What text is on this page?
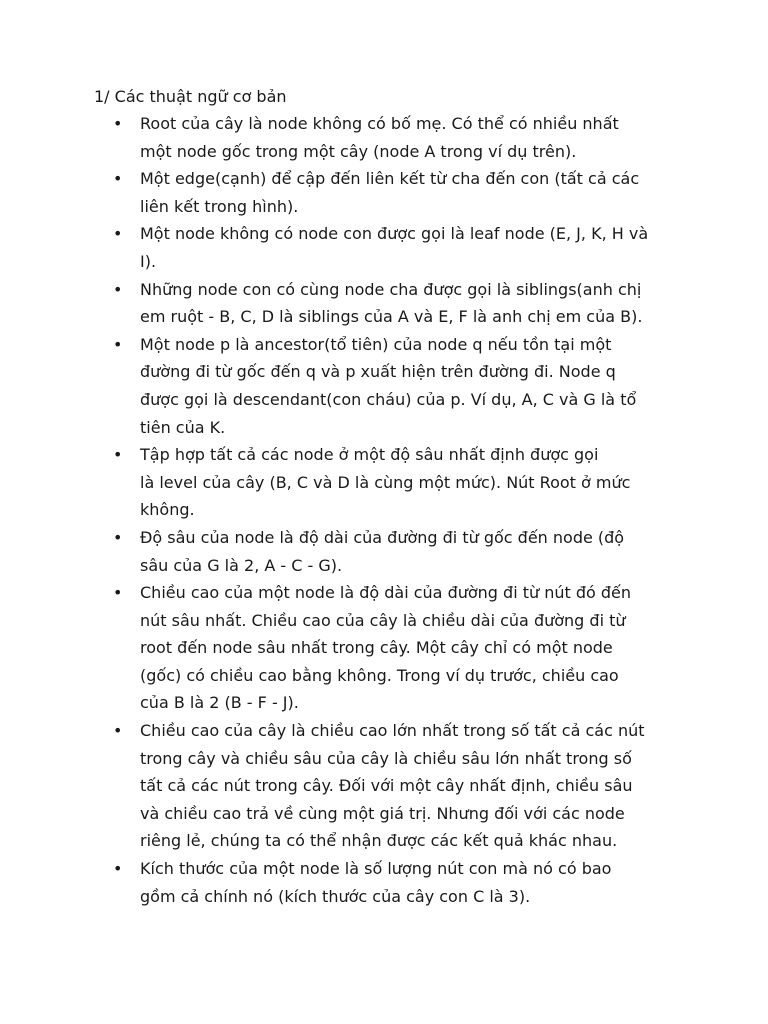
1/ Các thuật ngữ cơ bản
• Root của cây là node không có bố mẹ. Có thể có nhiều nhất
một node gốc trong một cây (node A trong ví dụ trên).
• Một edge(cạnh) để cập đến liên kết từ cha đến con (tất cả các
liên kết trong hình).
• Một node không có node con được gọi là leaf node (E, J, K, H và
I).
• Những node con có cùng node cha được gọi là siblings(anh chị
em ruột - B, C, D là siblings của A và E, F là anh chị em của B).
• Một node p là ancestor(tổ tiên) của node q nếu tồn tại một
đường đi từ gốc đến q và p xuất hiện trên đường đi. Node q
được gọi là descendant(con cháu) của p. Ví dụ, A, C và G là tổ
tiên của K.
• Tập hợp tất cả các node ở một độ sâu nhất định được gọi
là level của cây (B, C và D là cùng một mức). Nút Root ở mức
không.
• Độ sâu của node là độ dài của đường đi từ gốc đến node (độ
sâu của G là 2, A - C - G).
• Chiều cao của một node là độ dài của đường đi từ nút đó đến
nút sâu nhất. Chiều cao của cây là chiều dài của đường đi từ
root đến node sâu nhất trong cây. Một cây chỉ có một node
(gốc) có chiều cao bằng không. Trong ví dụ trước, chiều cao
của B là 2 (B - F - J).
• Chiều cao của cây là chiều cao lớn nhất trong số tất cả các nút
trong cây và chiều sâu của cây là chiều sâu lớn nhất trong số
tất cả các nút trong cây. Đối với một cây nhất định, chiều sâu
và chiều cao trả về cùng một giá trị. Nhưng đối với các node
riêng lẻ, chúng ta có thể nhận được các kết quả khác nhau.
• Kích thước của một node là số lượng nút con mà nó có bao
gồm cả chính nó (kích thước của cây con C là 3).
